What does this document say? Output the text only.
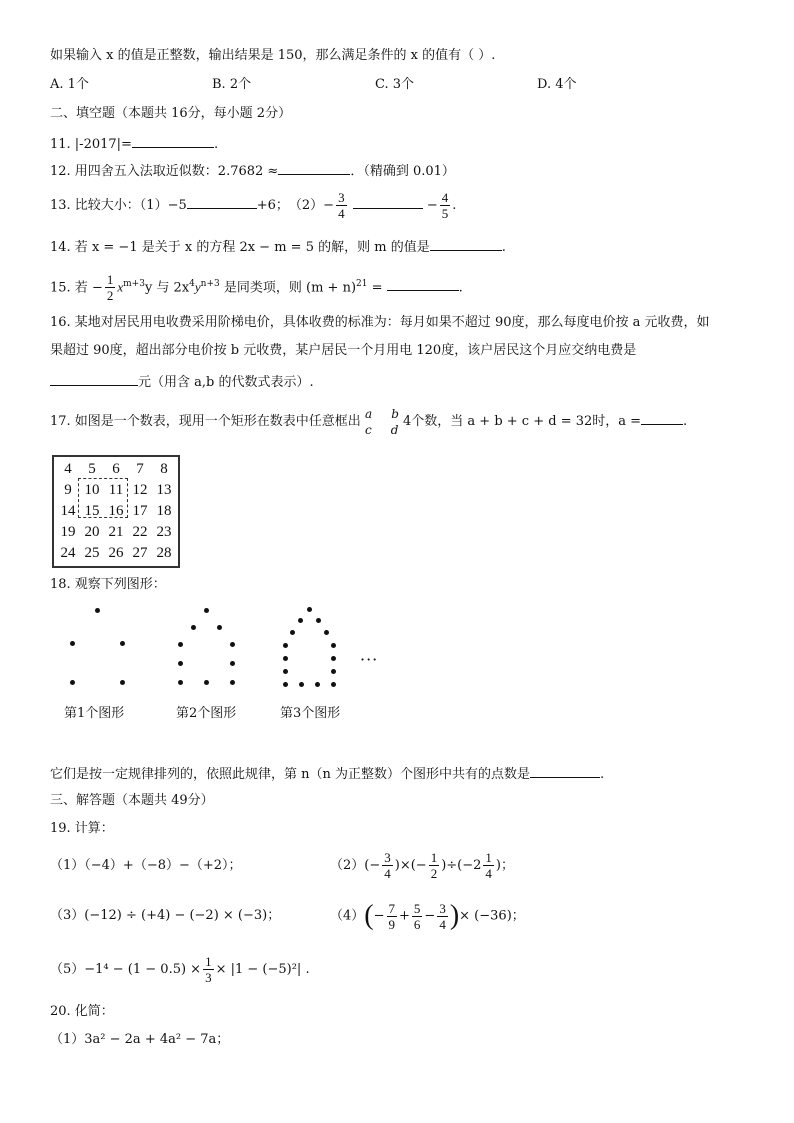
如果输入 x 的值是正整数，输出结果是 150，那么满足条件的 x 的值有（ ）.
A. 1个	B. 2个	C. 3个	D. 4个
二、填空题（本题共 16分，每小题 2分）
11. |-2017|=	.
12. 用四舍五入法取近似数：2.7682 ≈	．（精确到 0.01）
13. 比较大小：（1）−5	+6；　$(2)- \frac{3}{4}$	− $\frac{4}{5}$ .
14. 若 x = −1 是关于 x 的方程 2x − m = 5 的解，则 m 的值是	.
15. 若 − $\frac{1}{2} x^{m+3}y$ 与 $2x^4y^{n+3}$ 是同类项，则 $(m + n)^{21}$ =	.
16. 某地对居民用电收费采用阶梯电价，具体收费的标准为：每月如果不超过 90度，那么每度电价按 a 元收费，如
果超过 90度，超出部分电价按 b 元收费，某户居民一个月用电 120度，该户居民这个月应交纳电费是
元（用含 a,b 的代数式表示）.
17. 如图是一个数表，现用一个矩形在数表中任意框出 a b
c d 4个数，当 a + b + c + d = 32时，a =	.
4	5	6	7	8
9	10	11	12	13
14	15	16	17	18
19	20	21	22	23
24	25	26	27	28
18. 观察下列图形：
···
第1个图形	第2个图形	第3个图形
它们是按一定规律排列的，依照此规律，第 n（n 为正整数）个图形中共有的点数是	.
三、解答题（本题共 49分）
19. 计算：
（1）（−4）+（−8）−（+2）；	$(2)(- \frac{3}{4}$ )×(− $\frac{1}{2} )\div(-2 \frac{1}{4}$ )；
（3）(−12) ÷ (+4) − (−2) × (−3)；	$(4)(- \frac{7}{9} + \frac{5}{6} - \frac{3}{4}$ )× (−36)；
$(5)-1^4 - (1 - 0.5) \times \frac{1}{3} \times |1 - (-5)^2|$ .
20. 化简：
（1）3a² − 2a + 4a² − 7a；
